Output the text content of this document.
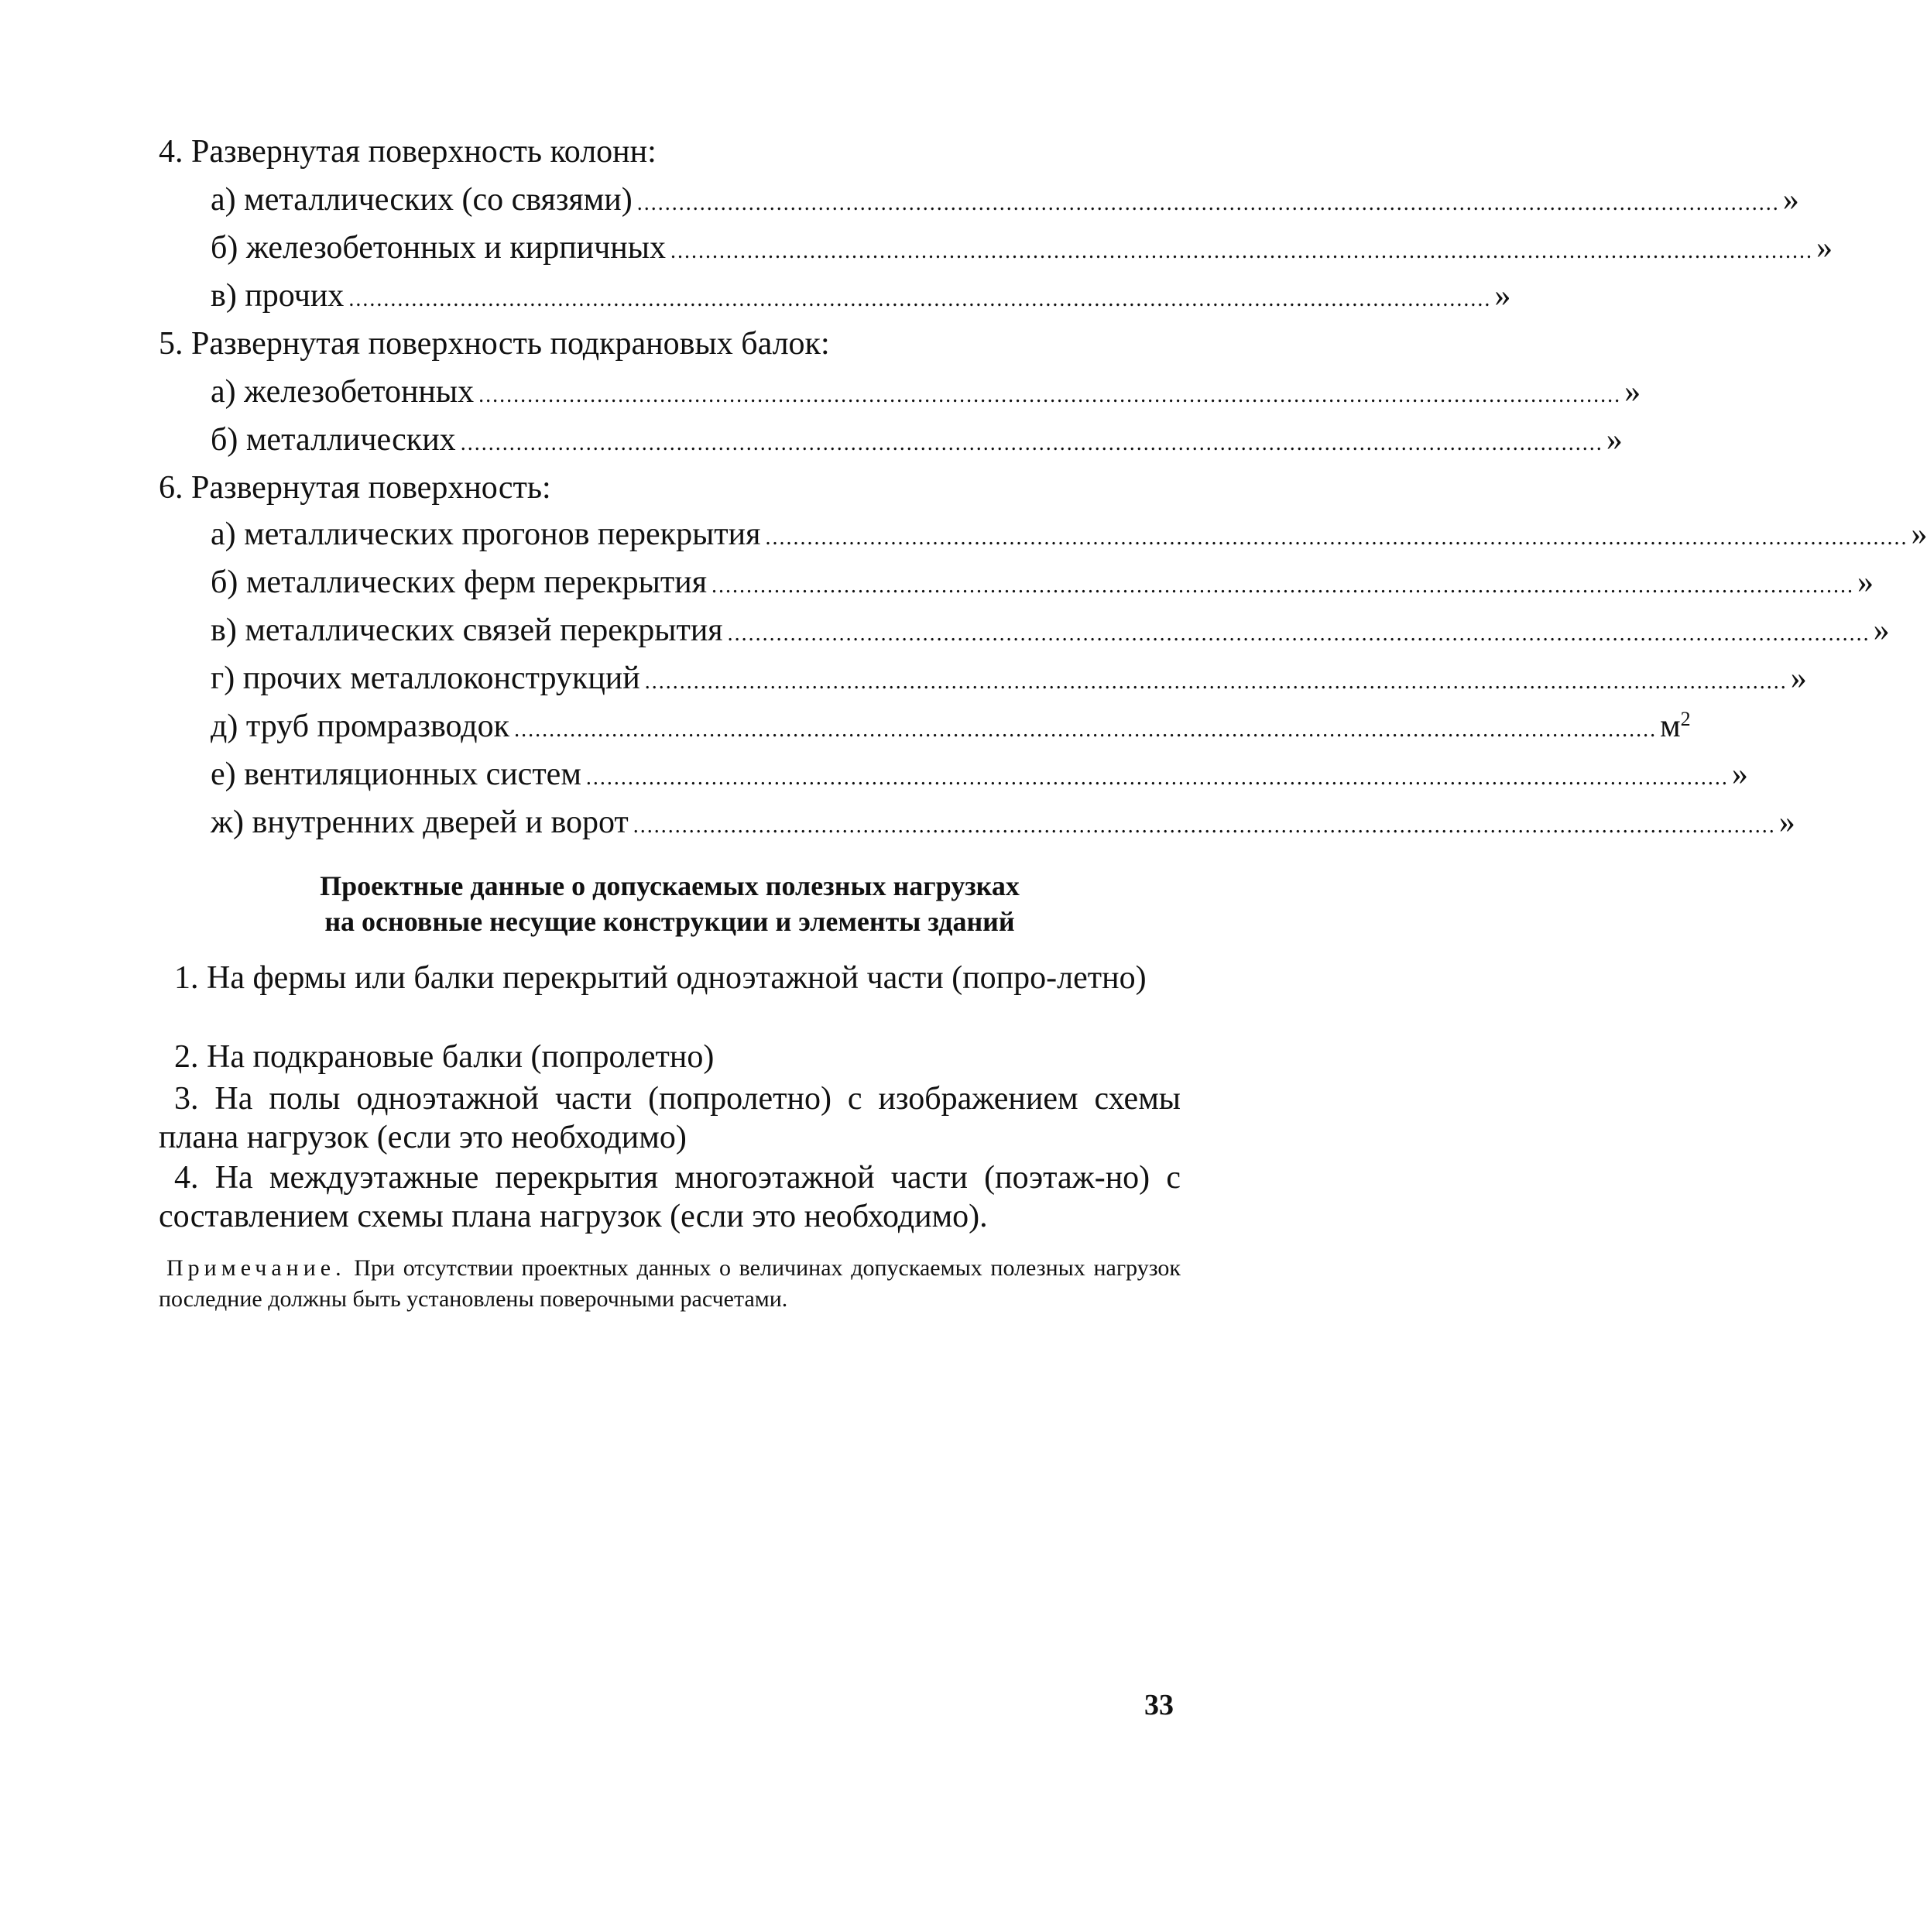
4. Развернутая поверхность колонн:
а) металлических (со связями) .................................................................................................................................................................... »
б) железобетонных и кирпичных .................................................................................................................................................................... »
в) прочих .................................................................................................................................................................... »
5. Развернутая поверхность подкрановых балок:
а) железобетонных .................................................................................................................................................................... »
б) металлических .................................................................................................................................................................... »
6. Развернутая поверхность:
а) металлических прогонов перекрытия .................................................................................................................................................................... »
б) металлических ферм перекрытия .................................................................................................................................................................... »
в) металлических связей перекрытия .................................................................................................................................................................... »
г) прочих металлоконструкций .................................................................................................................................................................... »
д) труб промразводок .................................................................................................................................................................... $м^2$
е) вентиляционных систем .................................................................................................................................................................... »
ж) внутренних дверей и ворот .................................................................................................................................................................... »
Проектные данные о допускаемых полезных нагрузках
на основные несущие конструкции и элементы зданий
1. На фермы или балки перекрытий одноэтажной части (попро-летно)
2. На подкрановые балки (попролетно)
3. На полы одноэтажной части (попролетно) с изображением схемы плана нагрузок (если это необходимо)
4. На междуэтажные перекрытия многоэтажной части (поэтаж-но) с составлением схемы плана нагрузок (если это необходимо).
Примечание. При отсутствии проектных данных о величинах допускаемых полезных нагрузок последние должны быть установлены поверочными расчетами.
33
